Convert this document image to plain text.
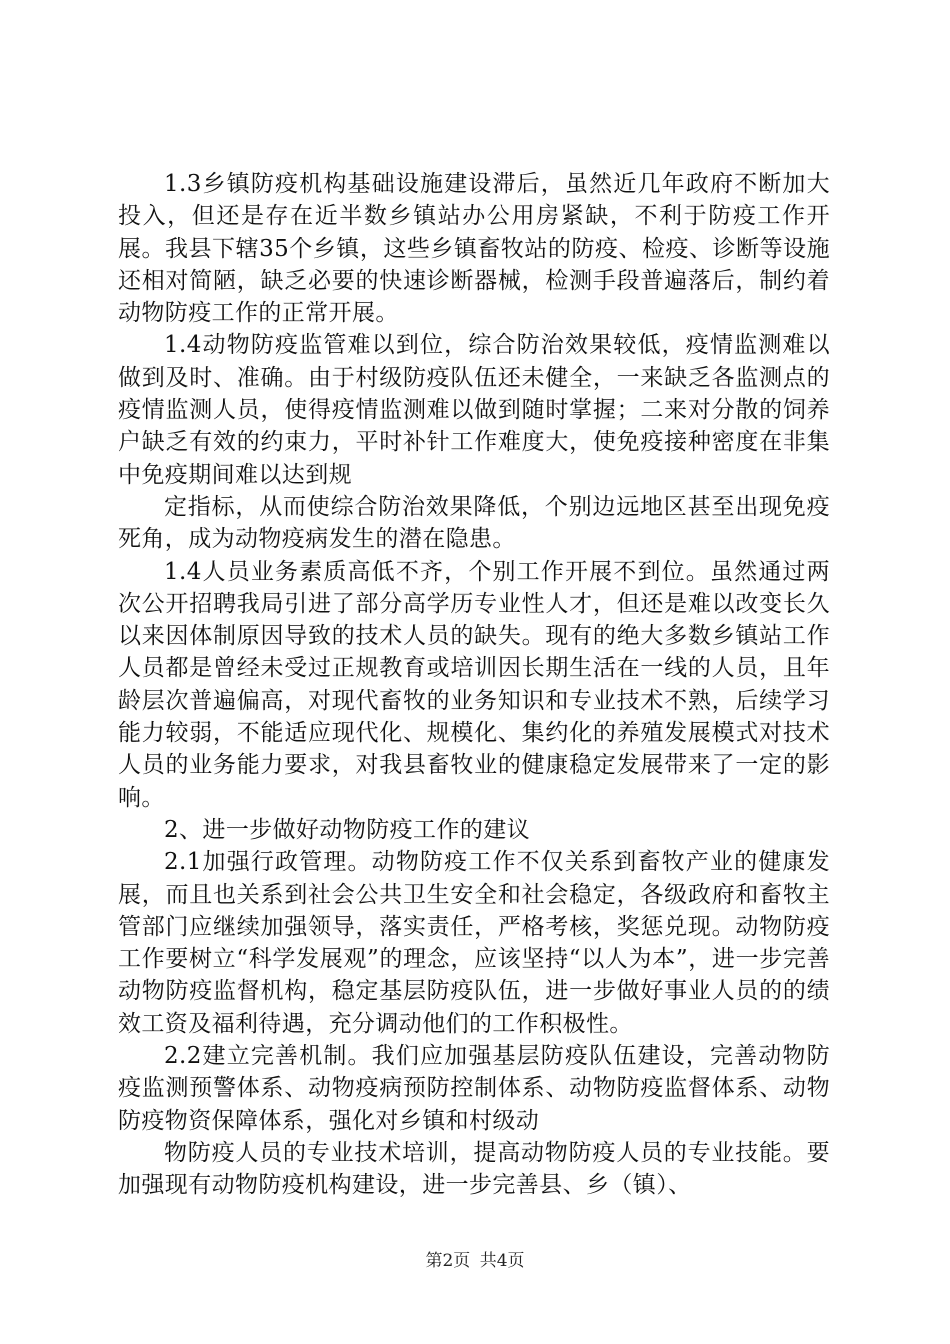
1.3乡镇防疫机构基础设施建设滞后，虽然近几年政府不断加大投入，但还是存在近半数乡镇站办公用房紧缺，不利于防疫工作开展。我县下辖35个乡镇，这些乡镇畜牧站的防疫、检疫、诊断等设施还相对简陋，缺乏必要的快速诊断器械，检测手段普遍落后，制约着动物防疫工作的正常开展。

1.4动物防疫监管难以到位，综合防治效果较低，疫情监测难以做到及时、准确。由于村级防疫队伍还未健全，一来缺乏各监测点的疫情监测人员，使得疫情监测难以做到随时掌握；二来对分散的饲养户缺乏有效的约束力，平时补针工作难度大，使免疫接种密度在非集中免疫期间难以达到规

定指标，从而使综合防治效果降低，个别边远地区甚至出现免疫死角，成为动物疫病发生的潜在隐患。

1.4人员业务素质高低不齐，个别工作开展不到位。虽然通过两次公开招聘我局引进了部分高学历专业性人才，但还是难以改变长久以来因体制原因导致的技术人员的缺失。现有的绝大多数乡镇站工作人员都是曾经未受过正规教育或培训因长期生活在一线的人员，且年龄层次普遍偏高，对现代畜牧的业务知识和专业技术不熟，后续学习能力较弱，不能适应现代化、规模化、集约化的养殖发展模式对技术人员的业务能力要求，对我县畜牧业的健康稳定发展带来了一定的影响。

2、进一步做好动物防疫工作的建议

2.1加强行政管理。动物防疫工作不仅关系到畜牧产业的健康发展，而且也关系到社会公共卫生安全和社会稳定，各级政府和畜牧主管部门应继续加强领导，落实责任，严格考核，奖惩兑现。动物防疫工作要树立“科学发展观”的理念，应该坚持“以人为本”，进一步完善动物防疫监督机构，稳定基层防疫队伍，进一步做好事业人员的的绩效工资及福利待遇，充分调动他们的工作积极性。

2.2建立完善机制。我们应加强基层防疫队伍建设，完善动物防疫监测预警体系、动物疫病预防控制体系、动物防疫监督体系、动物防疫物资保障体系，强化对乡镇和村级动

物防疫人员的专业技术培训，提高动物防疫人员的专业技能。要加强现有动物防疫机构建设，进一步完善县、乡（镇）、

第2页 共4页
